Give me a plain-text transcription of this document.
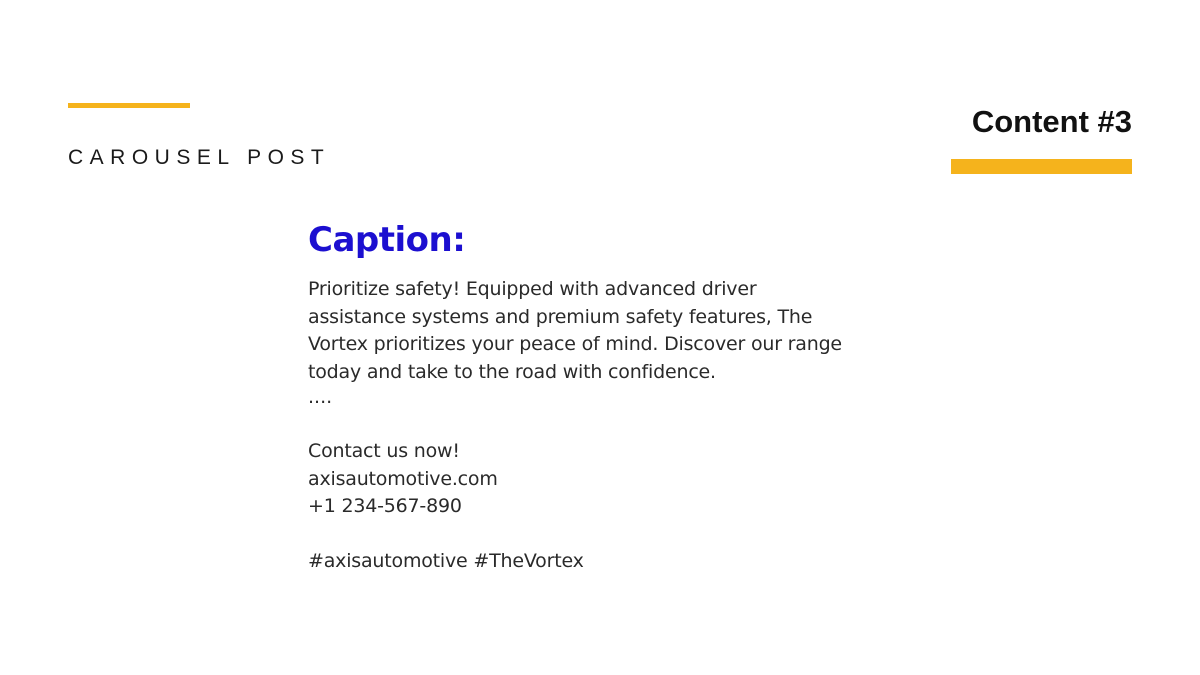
CAROUSEL POST
Content #3
Caption:

Prioritize safety! Equipped with advanced driver assistance systems and premium safety features, The Vortex prioritizes your peace of mind. Discover our range today and take to the road with confidence.

....
Contact us now!
axisautomotive.com
+1 234-567-890
#axisautomotive #TheVortex
